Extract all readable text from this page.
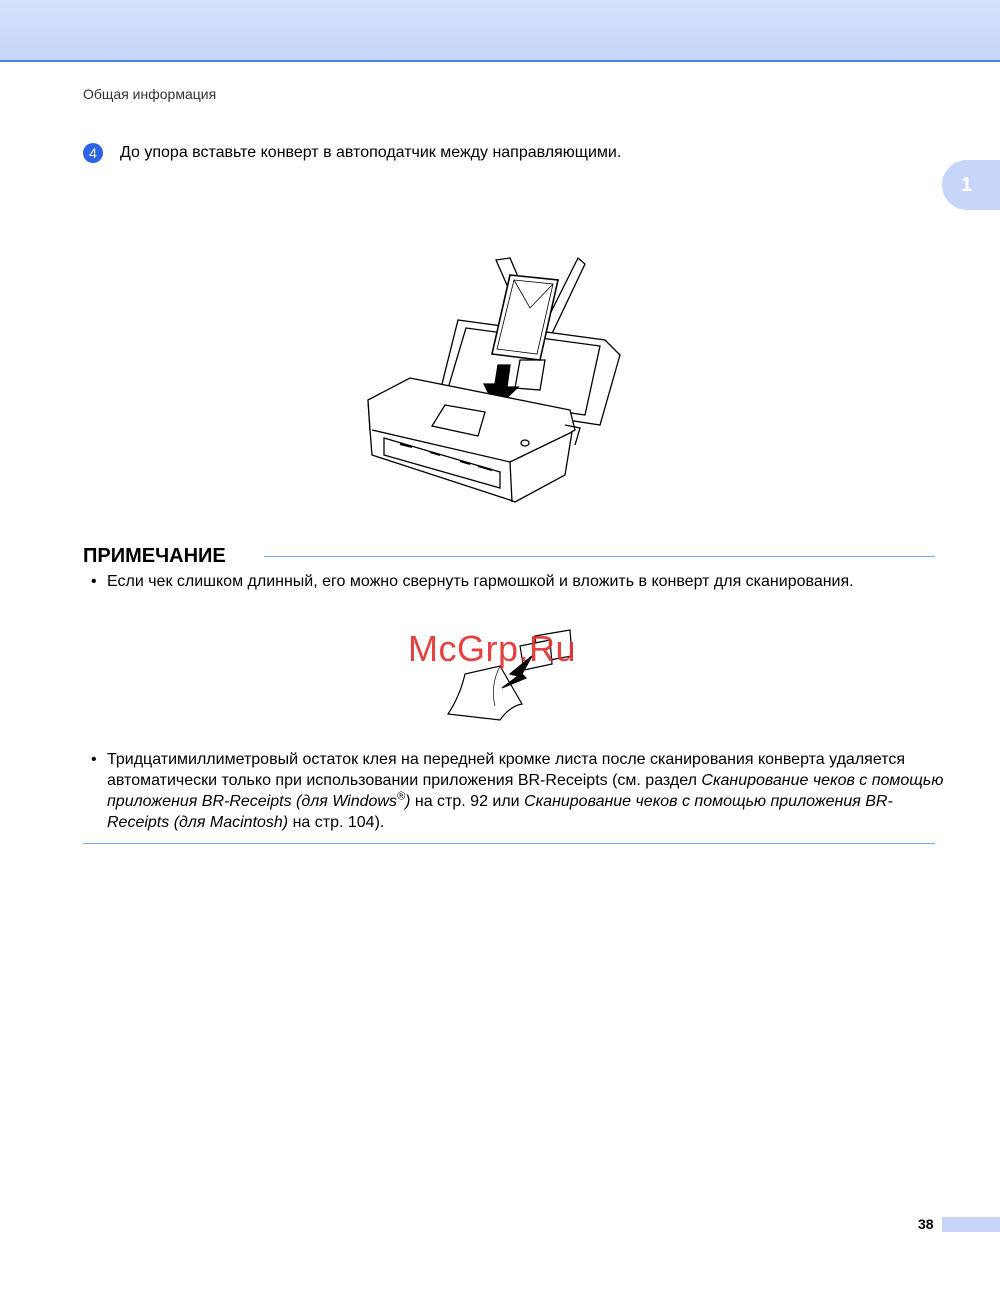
Общая информация
1
4	До упора вставьте конверт в автоподатчик между направляющими.
ПРИМЕЧАНИЕ
• Если чек слишком длинный, его можно свернуть гармошкой и вложить в конверт для сканирования.
McGrp.Ru
• Тридцатимиллиметровый остаток клея на передней кромке листа после сканирования конверта удаляется автоматически только при использовании приложения BR-Receipts (см. раздел Сканирование чеков с помощью приложения BR-Receipts (для Windows®) на стр. 92 или Сканирование чеков с помощью приложения BR-Receipts (для Macintosh) на стр. 104).
38
